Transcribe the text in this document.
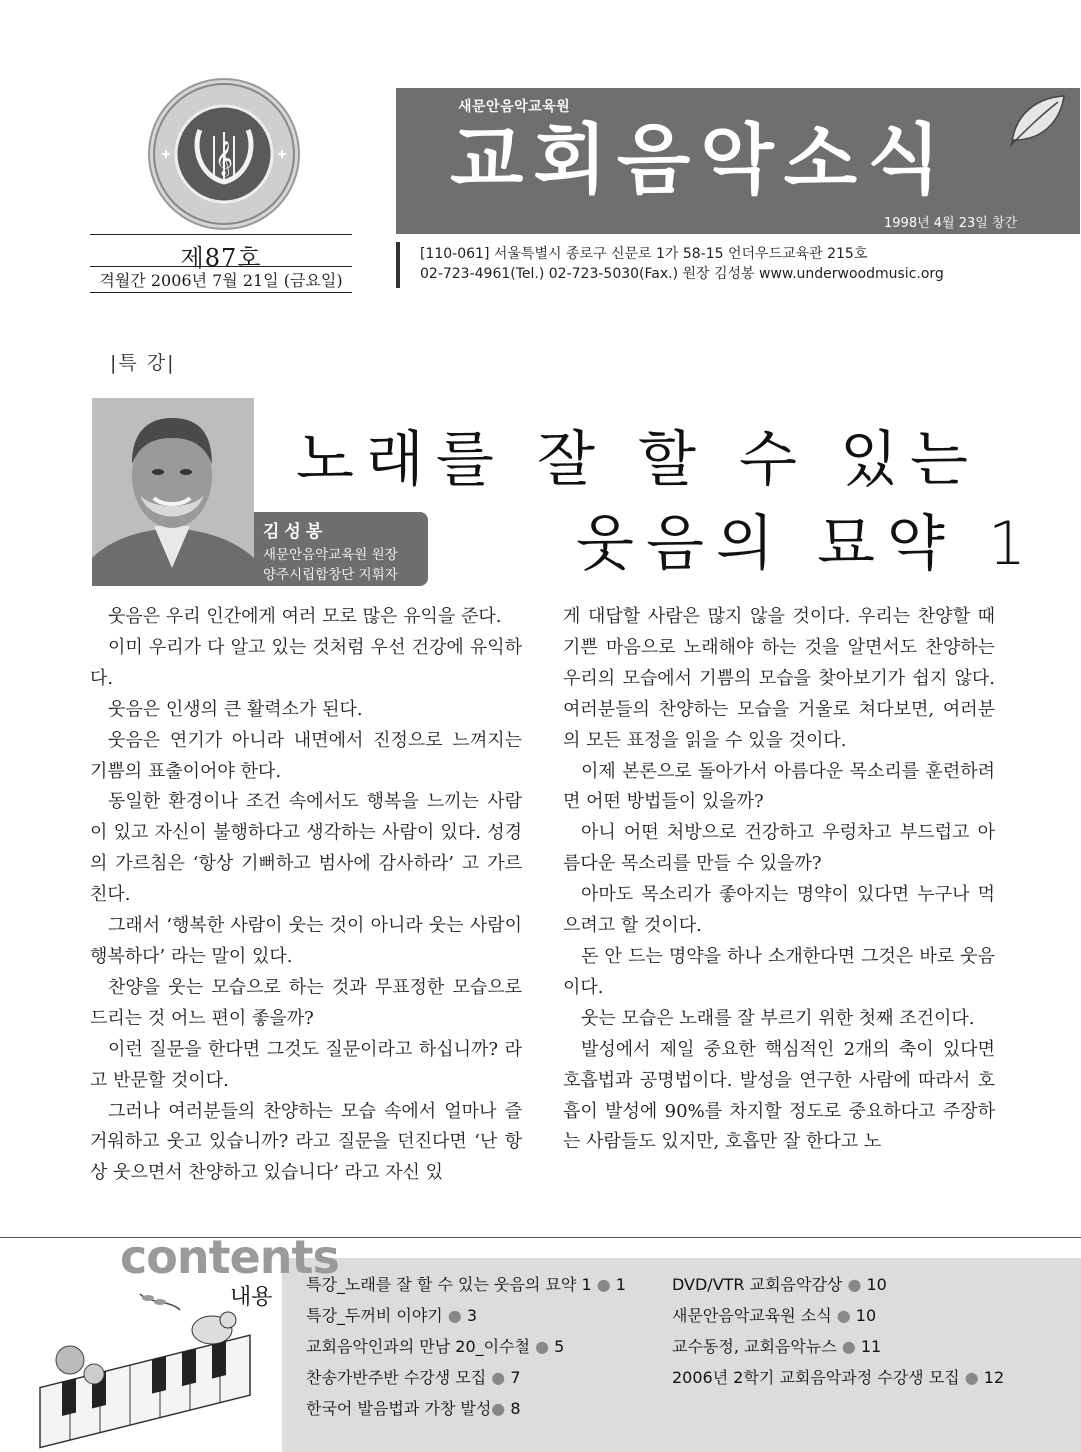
𝄞
제87호
격월간 2006년 7월 21일 (금요일)
새문안음악교육원
교회음악소식
1998년 4월 23일 창간
[110-061] 서울특별시 종로구 신문로 1가 58-15 언더우드교육관 215호
02-723-4961(Tel.) 02-723-5030(Fax.) 원장 김성봉 www.underwoodmusic.org
|특 강|
김성봉
새문안음악교육원 원장
양주시립합창단 지휘자
노래를 잘 할 수 있는
웃음의 묘약 1

웃음은 우리 인간에게 여러 모로 많은 유익을 준다.

이미 우리가 다 알고 있는 것처럼 우선 건강에 유익하다.

웃음은 인생의 큰 활력소가 된다.

웃음은 연기가 아니라 내면에서 진정으로 느껴지는 기쁨의 표출이어야 한다.

동일한 환경이나 조건 속에서도 행복을 느끼는 사람이 있고 자신이 불행하다고 생각하는 사람이 있다. 성경의 가르침은 ‘항상 기뻐하고 범사에 감사하라’ 고 가르친다.

그래서 ‘행복한 사람이 웃는 것이 아니라 웃는 사람이 행복하다’ 라는 말이 있다.

찬양을 웃는 모습으로 하는 것과 무표정한 모습으로 드리는 것 어느 편이 좋을까?

이런 질문을 한다면 그것도 질문이라고 하십니까? 라고 반문할 것이다.

그러나 여러분들의 찬양하는 모습 속에서 얼마나 즐거워하고 웃고 있습니까? 라고 질문을 던진다면 ‘난 항상 웃으면서 찬양하고 있습니다’ 라고 자신 있

게 대답할 사람은 많지 않을 것이다. 우리는 찬양할 때 기쁜 마음으로 노래해야 하는 것을 알면서도 찬양하는 우리의 모습에서 기쁨의 모습을 찾아보기가 쉽지 않다. 여러분들의 찬양하는 모습을 거울로 쳐다보면, 여러분의 모든 표정을 읽을 수 있을 것이다.

이제 본론으로 돌아가서 아름다운 목소리를 훈련하려면 어떤 방법들이 있을까?

아니 어떤 처방으로 건강하고 우렁차고 부드럽고 아름다운 목소리를 만들 수 있을까?

아마도 목소리가 좋아지는 명약이 있다면 누구나 먹으려고 할 것이다.

돈 안 드는 명약을 하나 소개한다면 그것은 바로 웃음이다.

웃는 모습은 노래를 잘 부르기 위한 첫째 조건이다.

발성에서 제일 중요한 핵심적인 2개의 축이 있다면 호흡법과 공명법이다. 발성을 연구한 사람에 따라서 호흡이 발성에 90%를 차지할 정도로 중요하다고 주장하는 사람들도 있지만, 호흡만 잘 한다고 노

contents
내용
특강_노래를 잘 할 수 있는 웃음의 묘약 1 ● 1
특강_두꺼비 이야기 ● 3
교회음악인과의 만남 20_이수철 ● 5
찬송가반주반 수강생 모집 ● 7
한국어 발음법과 가창 발성● 8
DVD/VTR 교회음악감상 ● 10
새문안음악교육원 소식 ● 10
교수동정, 교회음악뉴스 ● 11
2006년 2학기 교회음악과정 수강생 모집 ● 12
